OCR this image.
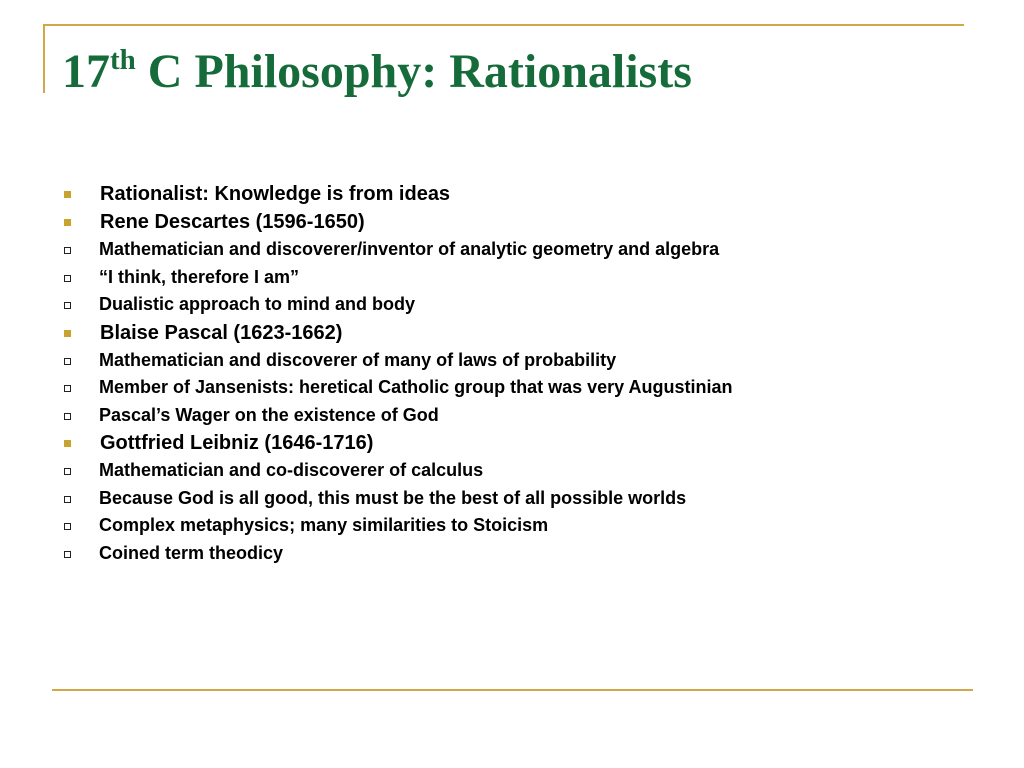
17th C Philosophy: Rationalists
Rationalist: Knowledge is from ideas
Rene Descartes (1596-1650)
Mathematician and discoverer/inventor of analytic geometry and algebra
“I think, therefore I am”
Dualistic approach to mind and body
Blaise Pascal (1623-1662)
Mathematician and discoverer of many of laws of probability
Member of Jansenists: heretical Catholic group that was very Augustinian
Pascal’s Wager on the existence of God
Gottfried Leibniz (1646-1716)
Mathematician and co-discoverer of calculus
Because God is all good, this must be the best of all possible worlds
Complex metaphysics; many similarities to Stoicism
Coined term theodicy
